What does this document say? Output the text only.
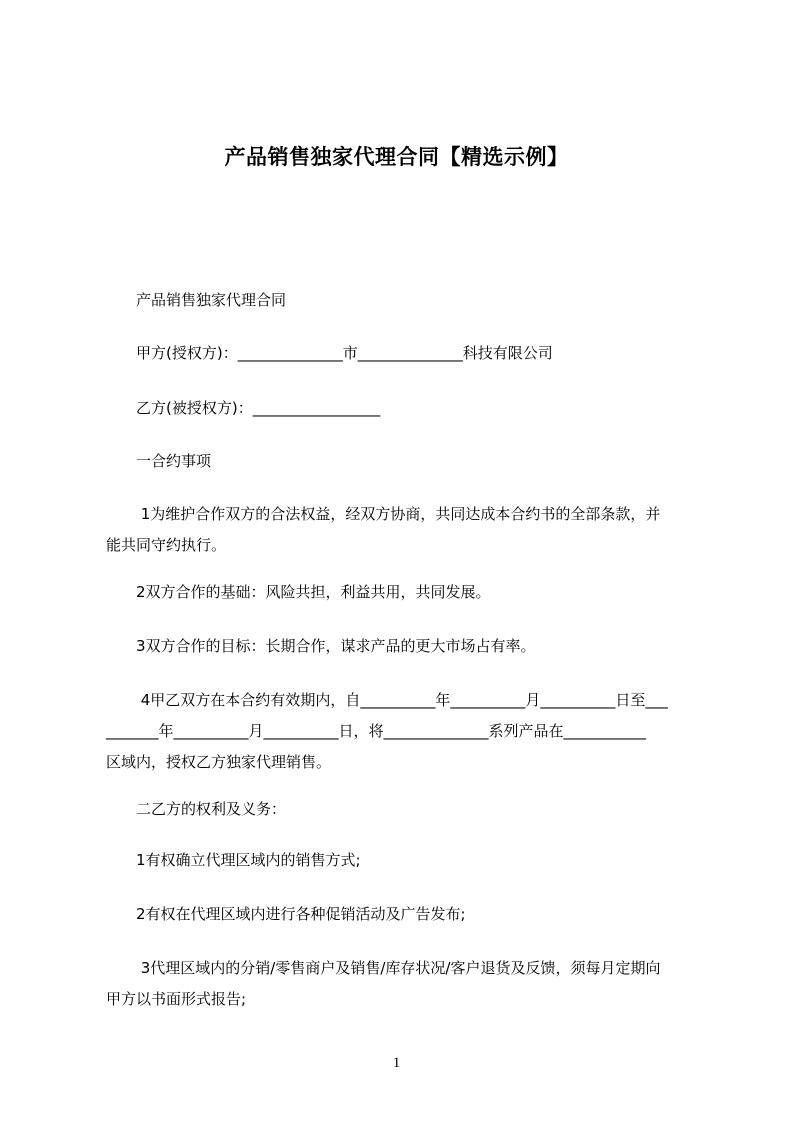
产品销售独家代理合同【精选示例】
产品销售独家代理合同
甲方(授权方)：______________市______________科技有限公司
乙方(被授权方)：_________________
一合约事项
1为维护合作双方的合法权益，经双方协商，共同达成本合约书的全部条款，并
能共同守约执行。
2双方合作的基础：风险共担，利益共用，共同发展。
3双方合作的目标：长期合作，谋求产品的更大市场占有率。
4甲乙双方在本合约有效期内，自__________年__________月__________日至___
_______年__________月__________日，将______________系列产品在___________
区域内，授权乙方独家代理销售。
二乙方的权利及义务：
1有权确立代理区域内的销售方式;
2有权在代理区域内进行各种促销活动及广告发布;
3代理区域内的分销/零售商户及销售/库存状况/客户退货及反馈，须每月定期向
甲方以书面形式报告;
1
